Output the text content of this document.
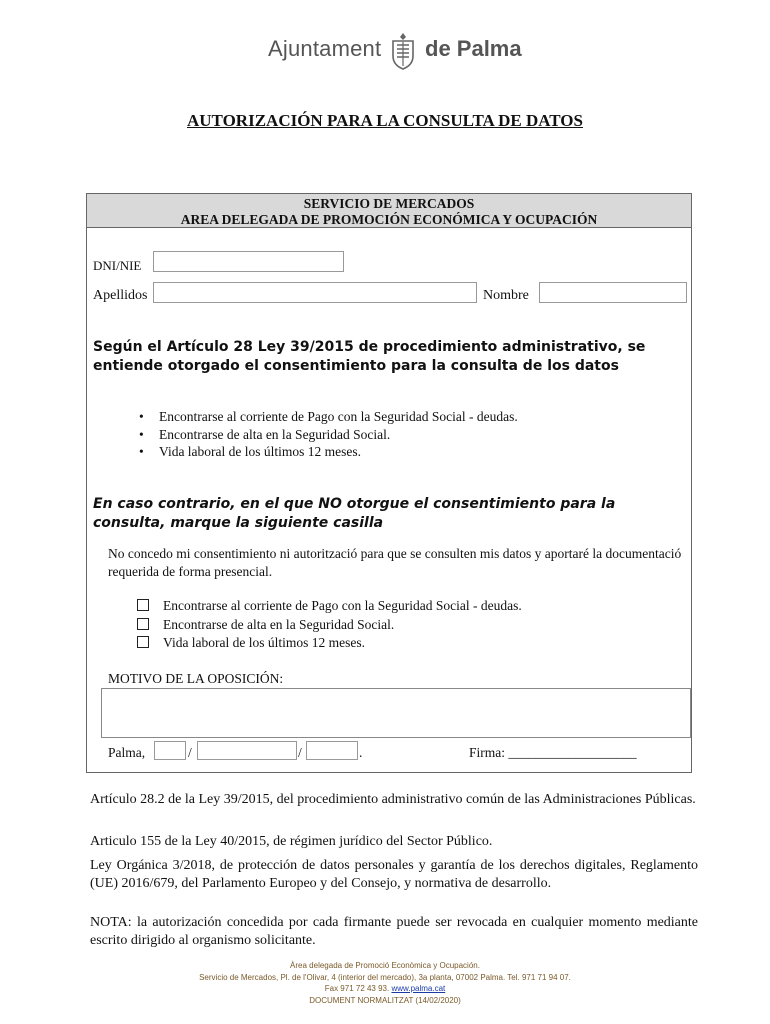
Ajuntament de Palma
AUTORIZACIÓN PARA LA CONSULTA DE DATOS
SERVICIO DE MERCADOS
AREA DELEGADA DE PROMOCIÓN ECONÓMICA Y OCUPACIÓN
DNI/NIE
Apellidos	Nombre
Según el Artículo 28 Ley 39/2015 de procedimiento administrativo, se entiende otorgado el consentimiento para la consulta de los datos
• Encontrarse al corriente de Pago con la Seguridad Social - deudas.
• Encontrarse de alta en la Seguridad Social.
• Vida laboral de los últimos 12 meses.
En caso contrario, en el que NO otorgue el consentimiento para la consulta, marque la siguiente casilla
No concedo mi consentimiento ni autorització para que se consulten mis datos y aportaré la documentació requerida de forma presencial.
Encontrarse al corriente de Pago con la Seguridad Social - deudas.
Encontrarse de alta en la Seguridad Social.
Vida laboral de los últimos 12 meses.
MOTIVO DE LA OPOSICIÓN:
Palma,	/	/	.	Firma: ___________________
Artículo 28.2 de la Ley 39/2015, del procedimiento administrativo común de las Administraciones Públicas.
Articulo 155 de la Ley 40/2015, de régimen jurídico del Sector Público.
Ley Orgánica 3/2018, de protección de datos personales y garantía de los derechos digitales, Reglamento (UE) 2016/679, del Parlamento Europeo y del Consejo, y normativa de desarrollo.
NOTA: la autorización concedida por cada firmante puede ser revocada en cualquier momento mediante escrito dirigido al organismo solicitante.
Àrea delegada de Promoció Econòmica y Ocupación.
Servicio de Mercados, Pl. de l'Olivar, 4 (interior del mercado), 3a planta, 07002 Palma. Tel. 971 71 94 07.
Fax 971 72 43 93. www.palma.cat
DOCUMENT NORMALITZAT (14/02/2020)
